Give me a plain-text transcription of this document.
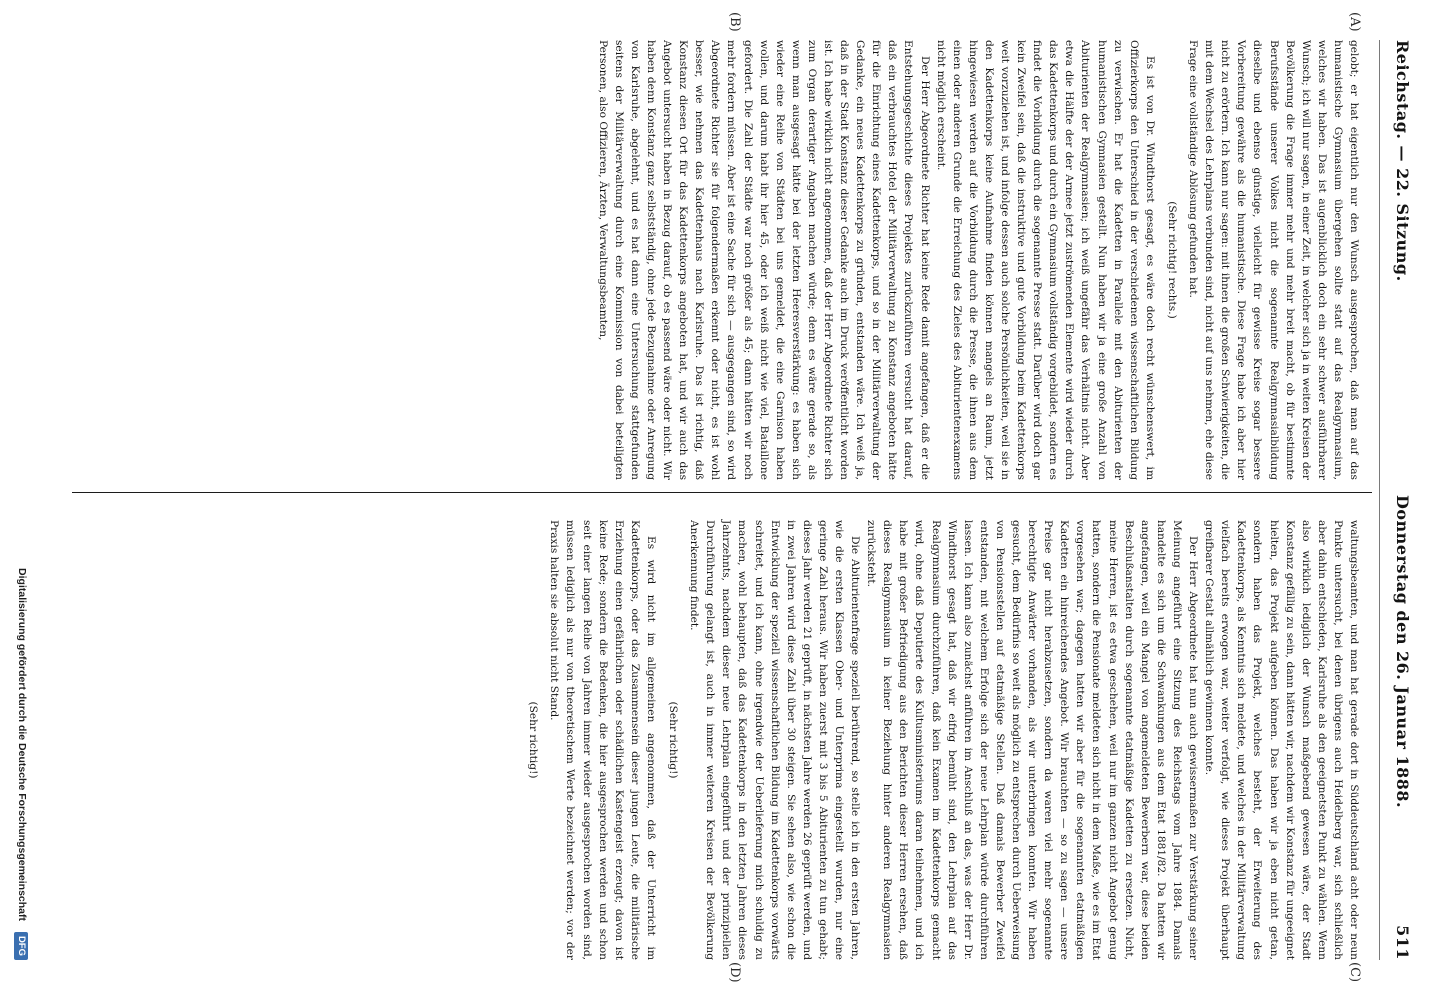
Reichstag. — 22. Sitzung.
Donnerstag den 26. Januar 1888.
511
(A)
(B)
(C)
(D)

gelobt; er hat eigentlich nur den Wunsch ausgesprochen, daß man auf das humanistische Gymnasium übergehen sollte statt auf das Realgymnasium, welches wir haben. Das ist augenblicklich doch ein sehr schwer ausführbarer Wunsch; ich will nur sagen, in einer Zeit, in welcher sich ja in weiten Kreisen der Bevölkerung die Frage immer mehr und mehr breit macht, ob für bestimmte Berufsstände unserer Volkes nicht die sogenannte Realgymnasialbildung dieselbe und ebenso günstige, vielleicht für gewisse Kreise sogar bessere Vorbereitung gewähre als die humanistische. Diese Frage habe ich aber hier nicht zu erörtern. Ich kann nur sagen: mit ihnen die großen Schwierigkeiten, die mit dem Wechsel des Lehrplans verbunden sind, nicht auf uns nehmen, ehe diese Frage eine vollständige Ablösung gefunden hat.

(Sehr richtig! rechts.)

Es ist von Dr. Windthorst gesagt, es wäre doch recht wünschenswert, im Offizierkorps den Unterschied in der verschiedenen wissenschaftlichen Bildung zu verwischen. Er hat die Kadetten in Parallele mit den Abiturienten der humanistischen Gymnasien gestellt. Nun haben wir ja eine große Anzahl von Abiturienten der Realgymnasien; ich weiß ungefähr das Verhältnis nicht. Aber etwa die Hälfte der der Armee jetzt zuströmenden Elemente wird wieder durch das Kadettenkorps und durch ein Gymnasium vollständig vorgebildet, sondern es findet die Vorbildung durch die sogenannte Presse statt. Darüber wird doch gar kein Zweifel sein, daß die instruktive und gute Vorbildung beim Kadettenkorps weit vorzuziehen ist, und infolge dessen auch solche Persönlichkeiten, weil sie in den Kadettenkorps keine Aufnahme finden können mangels an Raum, jetzt hingewiesen werden auf die Vorbildung durch die Presse, die ihnen aus dem einen oder anderen Grunde die Erreichung des Zieles des Abiturientenexamens nicht möglich erscheint.

Der Herr Abgeordnete Richter hat keine Rede damit angefangen, daß er die Entstehungsgeschichte dieses Projektes zurückzuführen versucht hat darauf, daß ein verbrauchtes Hotel der Militärverwaltung zu Konstanz angeboten hätte für die Einrichtung eines Kadettenkorps, und so in der Militärverwaltung der Gedanke, ein neues Kadettenkorps zu gründen, entstanden wäre. Ich weiß ja, daß in der Stadt Konstanz dieser Gedanke auch im Druck veröffentlicht worden ist. Ich habe wirklich nicht angenommen, daß der Herr Abgeordnete Richter sich zum Organ derartiger Angaben machen würde; denn es wäre gerade so, als wenn man ausgesagt hätte bei der letzten Heeresverstärkung: es haben sich wieder eine Reihe von Städten bei uns gemeldet, die eine Garnison haben wollen, und darum habt ihr hier 45, oder ich weiß nicht wie viel, Bataillone gefordert. Die Zahl der Städte war noch größer als 45; dann hätten wir noch mehr fordern müssen. Aber ist eine Sache für sich — ausgegangen sind, so wird Abgeordnete Richter sie für folgendermaßen erkennt oder nicht, es ist wohl besser, wie nehmen das Kadettenhaus nach Karlsruhe. Das ist richtig, daß Konstanz diesen Ort für das Kadettenkorps angeboten hat, und wir auch das Angebot untersucht haben in Bezug darauf, ob es passend wäre oder nicht. Wir haben denn Konstanz ganz selbstständig, ohne jede Bezugnahme oder Anregung von Karlsruhe, abgelehnt, und es hat dann eine Untersuchung stattgefunden seitens der Militärverwaltung durch eine Kommission von dabei beteiligten Personen, also Offizieren, Ärzten, Verwaltungsbeamten,

waltungsbeamten, und man hat gerade dort in Süddeutschland acht oder neun Punkte untersucht, bei denen übrigens auch Heidelberg war, sich schließlich aber dahin entschieden, Karlsruhe als den geeignetsten Punkt zu wählen. Wenn also wirklich lediglich der Wunsch maßgebend gewesen wäre, der Stadt Konstanz gefällig zu sein, dann hätten wir, nachdem wir Konstanz für ungeeignet hielten, das Projekt aufgeben können. Das haben wir ja eben nicht getan, sondern haben das Projekt, welches besteht, der Erweiterung des Kadettenkorps, als Kenntnis sich meldete, und welches in der Militärverwaltung vielfach bereits erwogen war, weiter verfolgt, wie dieses Projekt überhaupt greifbarer Gestalt allmählich gewinnen konnte.

Der Herr Abgeordnete hat nun auch gewissermaßen zur Verstärkung seiner Meinung angeführt eine Sitzung des Reichstags vom Jahre 1884. Damals handelte es sich um die Schwankungen aus dem Etat 1881/82. Da hatten wir angefangen, weil ein Mangel von angemeldeten Bewerbern war, diese beiden Beschlußanstalten durch sogenannte etatmäßige Kadetten zu ersetzen. Nicht, meine Herren, ist es etwa geschehen, weil nur im ganzen nicht Angebot genug hatten, sondern die Pensionate meldeten sich nicht in dem Maße, wie es im Etat vorgesehen war; dagegen hatten wir aber für die sogenannten etatmäßigen Kadetten ein hinreichendes Angebot. Wir brauchten — so zu sagen — unsere Preise gar nicht herabzusetzen, sondern da waren viel mehr sogenannte berechtigte Anwärter vorhanden, als wir unterbringen konnten. Wir haben gesucht, dem Bedürfnis so weit als möglich zu entsprechen durch Ueberweisung von Pensionsstellen auf etatmäßige Stellen. Daß damals Bewerber Zweifel entstanden, mit welchem Erfolge sich der neue Lehrplan würde durchführen lassen. Ich kann also zunächst anführen im Anschluß an das, was der Herr Dr. Windthorst gesagt hat, daß wir eifrig bemüht sind, den Lehrplan auf das Realgymnasium durchzuführen, daß kein Examen im Kadettenkorps gemacht wird, ohne daß Deputierte des Kultusministeriums daran teilnehmen, und ich habe mit großer Befriedigung aus den Berichten dieser Herren ersehen, daß dieses Realgymnasium in keiner Beziehung hinter anderen Realgymnasien zurücksteht.

Die Abiturientenfrage speziell berührend, so stelle ich in den ersten Jahren, wie die ersten Klassen Ober- und Unterprima eingestellt wurden, nur eine geringe Zahl heraus. Wir haben zuerst mit 3 bis 5 Abiturienten zu tun gehabt; dieses Jahr werden 21 geprüft, in nächsten Jahre werden 26 geprüft werden, und in zwei Jahren wird diese Zahl über 30 steigen. Sie sehen also, wie schon die Entwicklung der speziell wissenschaftlichen Bildung im Kadettenkorps vorwärts schreitet, und ich kann, ohne irgendwie der Ueberlieferung mich schuldig zu machen, wohl behaupten, daß das Kadettenkorps in den letzten Jahren dieses Jahrzehnts, nachdem dieser neue Lehrplan eingeführt und der prinzipiellen Durchführung gelangt ist, auch in immer weiteren Kreisen der Bevölkerung Anerkennung findet.

(Sehr richtig!)

Es wird nicht im allgemeinen angenommen, daß der Unterricht im Kadettenkorps, oder das Zusammensein dieser jungen Leute, die militärische Erziehung einen gefährlichen oder schädlichen Kastengeist erzeugt; davon ist keine Rede; sondern die Bedenken, die hier ausgesprochen werden und schon seit einer langen Reihe von Jahren immer wieder ausgesprochen worden sind, müssen lediglich als nur von theoretischem Werte bezeichnet werden; vor der Praxis halten sie absolut nicht Stand.

(Sehr richtig!)

Digitalisierung gefördert durch die Deutsche Forschungsgemeinschaft DFG
